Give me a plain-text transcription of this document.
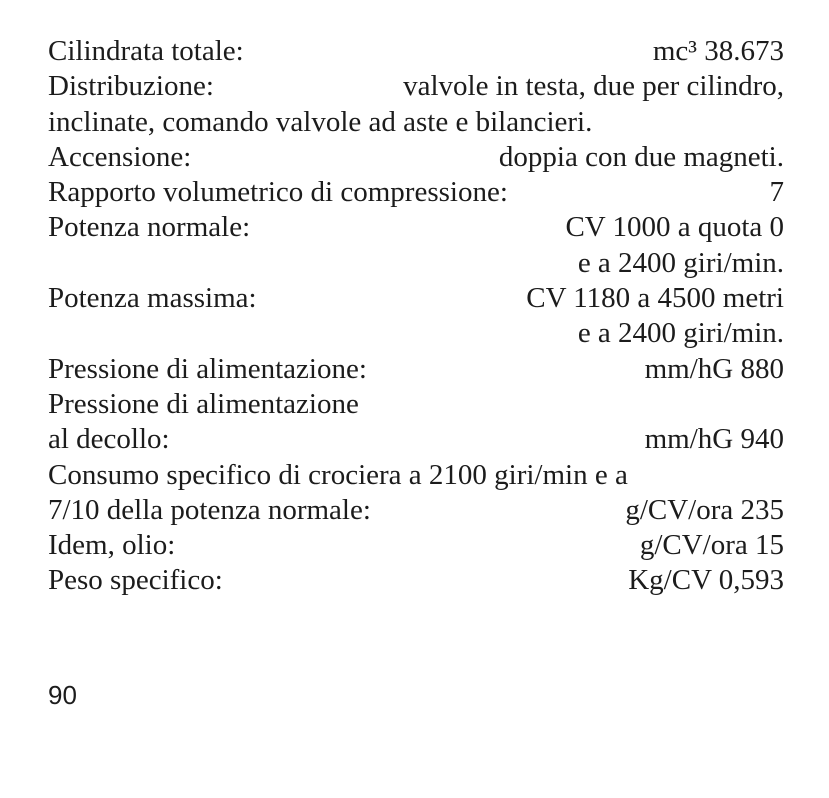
Cilindrata totale:	mc³ 38.673
Distribuzione:	valvole in testa, due per cilindro,
inclinate, comando valvole ad aste e bilancieri.
Accensione:	doppia con due magneti.
Rapporto volumetrico di compressione:	7
Potenza normale:	CV 1000 a quota 0
e a 2400 giri/min.
Potenza massima:	CV 1180 a 4500 metri
e a 2400 giri/min.
Pressione di alimentazione:	mm/hG 880
Pressione di alimentazione
al decollo:	mm/hG 940
Consumo specifico di crociera a 2100 giri/min e a
7/10 della potenza normale:	g/CV/ora 235
Idem, olio:	g/CV/ora 15
Peso specifico:	Kg/CV 0,593
90
